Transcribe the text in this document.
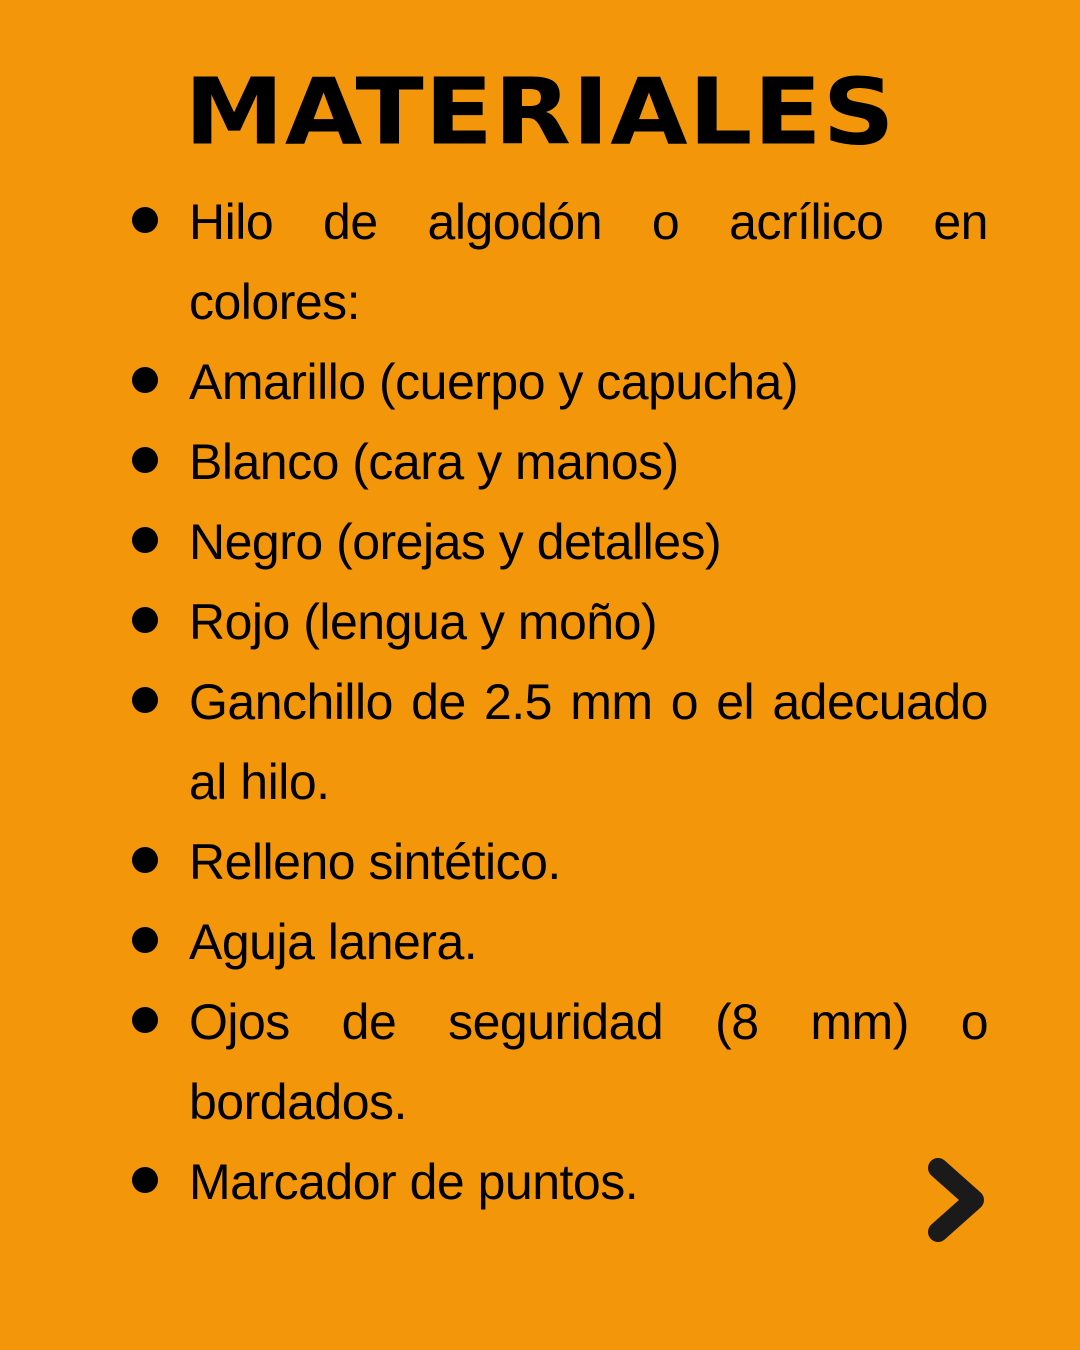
MATERIALES
Hilo de algodón o acrílico en colores:
Amarillo (cuerpo y capucha)
Blanco (cara y manos)
Negro (orejas y detalles)
Rojo (lengua y moño)
Ganchillo de 2.5 mm o el adecuado al hilo.
Relleno sintético.
Aguja lanera.
Ojos de seguridad (8 mm) o bordados.
Marcador de puntos.
